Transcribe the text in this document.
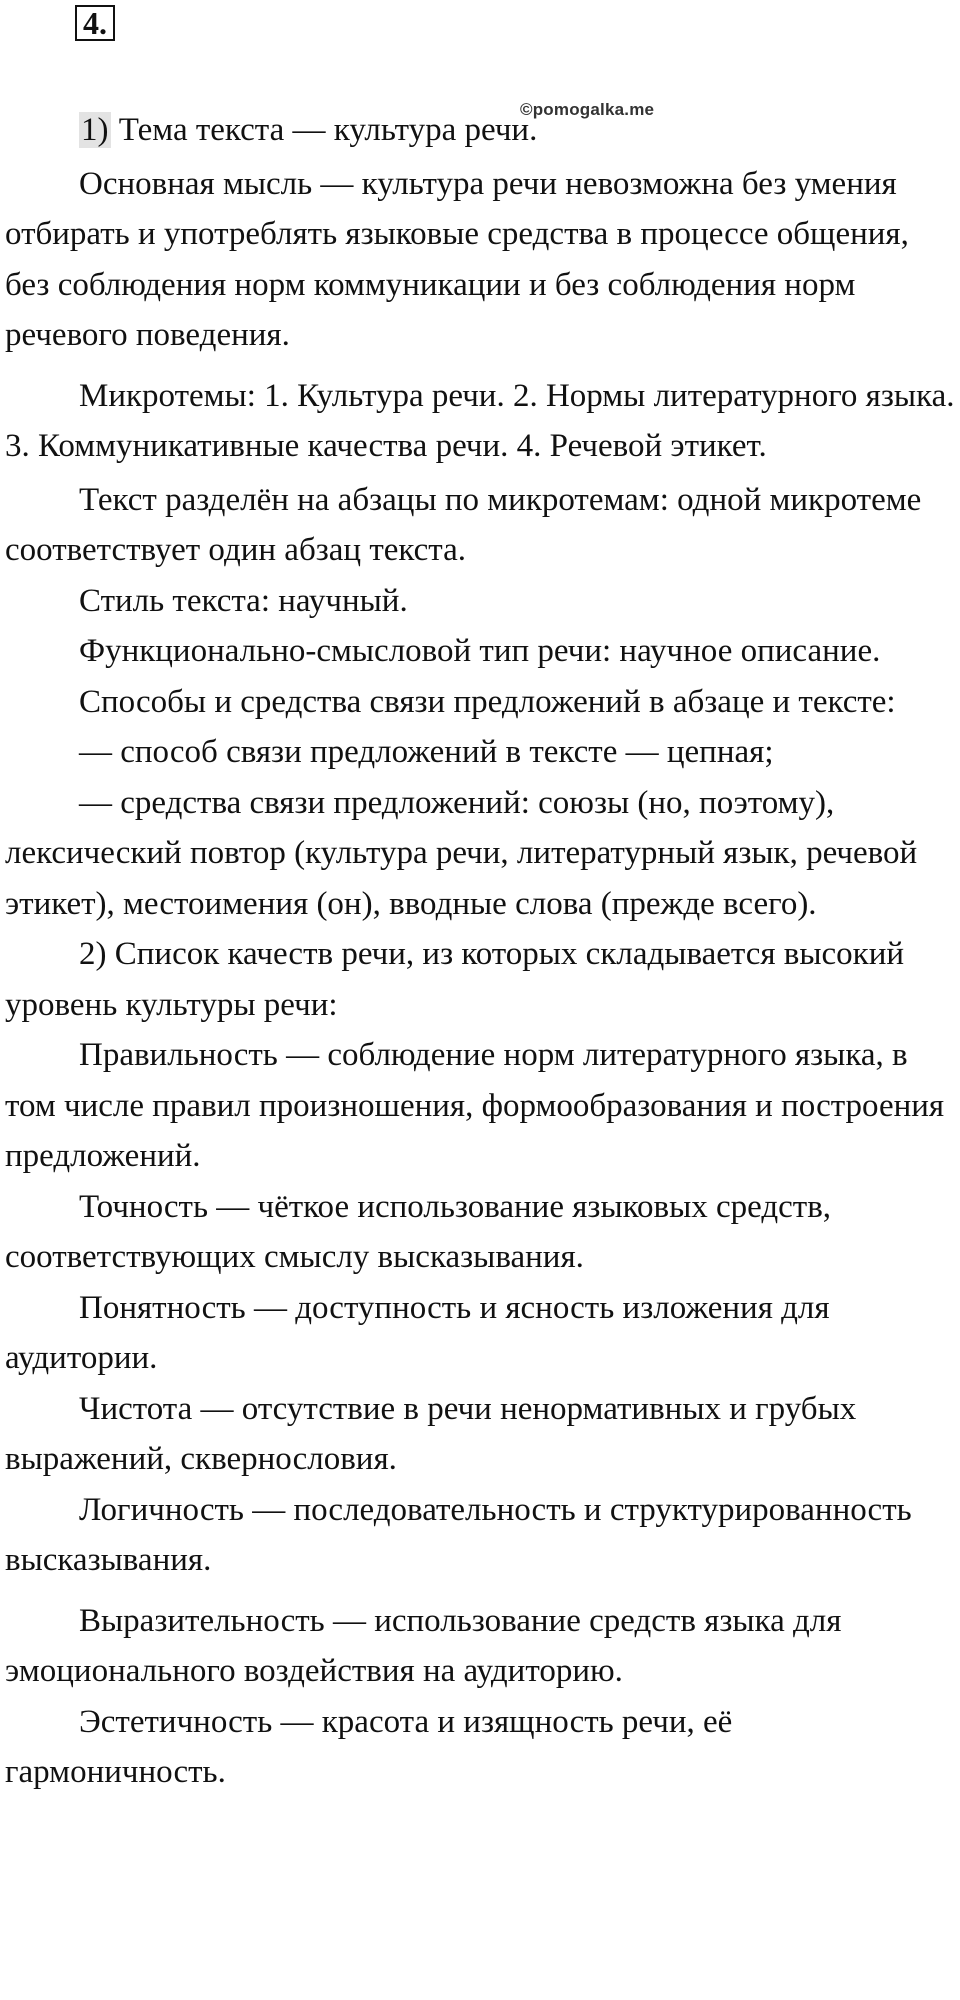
4.
©pomogalka.me

1) Тема текста — культура речи.

Основная мысль — культура речи невозможна без умения отбирать и употреблять языковые средства в процессе общения, без соблюдения норм коммуникации и без соблюдения норм речевого поведения.

Микротемы: 1. Культура речи. 2. Нормы литературного языка. 3. Коммуникативные качества речи. 4. Речевой этикет.

Текст разделён на абзацы по микротемам: одной микротеме соответствует один абзац текста.

Стиль текста: научный.

Функционально-смысловой тип речи: научное описание.

Способы и средства связи предложений в абзаце и тексте:

— способ связи предложений в тексте — цепная;

— средства связи предложений: союзы (но, поэтому), лексический повтор (культура речи, литературный язык, речевой этикет), местоимения (он), вводные слова (прежде всего).

2) Список качеств речи, из которых складывается высокий уровень культуры речи:

Правильность — соблюдение норм литературного языка, в том числе правил произношения, формообразования и построения предложений.

Точность — чёткое использование языковых средств, соответствующих смыслу высказывания.

Понятность — доступность и ясность изложения для аудитории.

Чистота — отсутствие в речи ненормативных и грубых выражений, сквернословия.

Логичность — последовательность и структурированность высказывания.

Выразительность — использование средств языка для эмоционального воздействия на аудиторию.

Эстетичность — красота и изящность речи, её гармоничность.
